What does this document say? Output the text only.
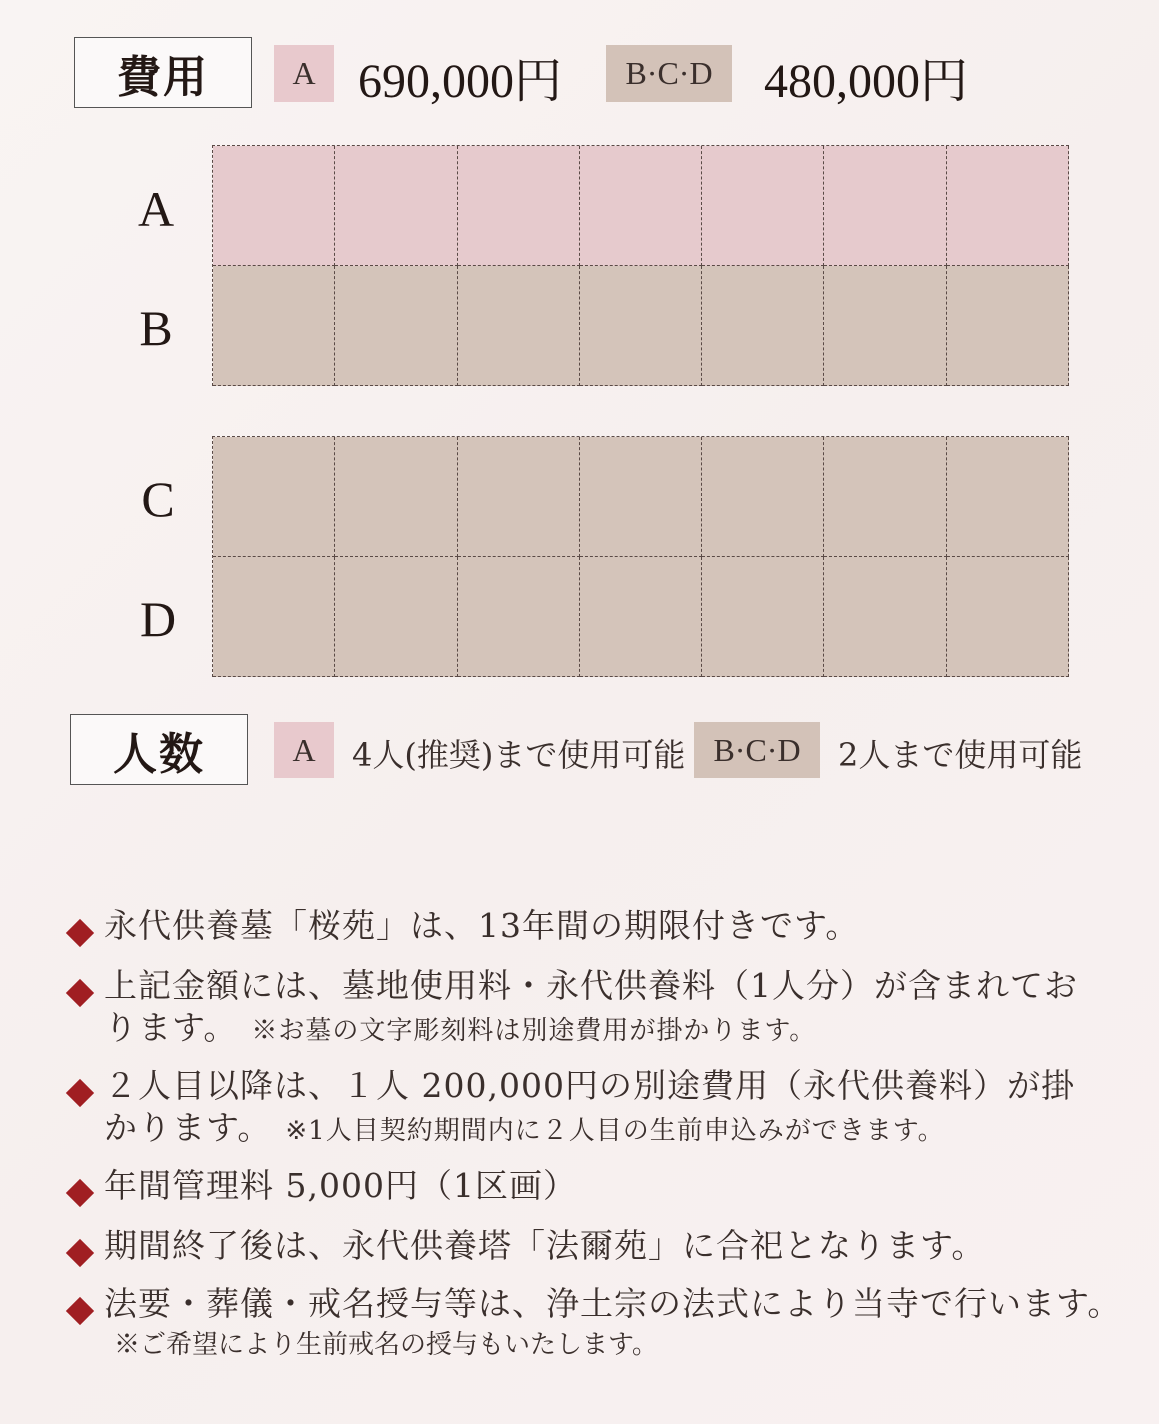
費用	A 690,000円 B·C·D 480,000円
A
B
C
D
人数	A 4人(推奨)まで使用可能 B·C·D 2人まで使用可能
永代供養墓「桜苑」は、13年間の期限付きです。
上記金額には、墓地使用料・永代供養料（1人分）が含まれてお
ります。 ※お墓の文字彫刻料は別途費用が掛かります。
２人目以降は、１人 200,000円の別途費用（永代供養料）が掛
かります。 ※1人目契約期間内に２人目の生前申込みができます。
年間管理料 5,000円（1区画）
期間終了後は、永代供養塔「法爾苑」に合祀となります。
法要・葬儀・戒名授与等は、浄土宗の法式により当寺で行います。
※ご希望により生前戒名の授与もいたします。
